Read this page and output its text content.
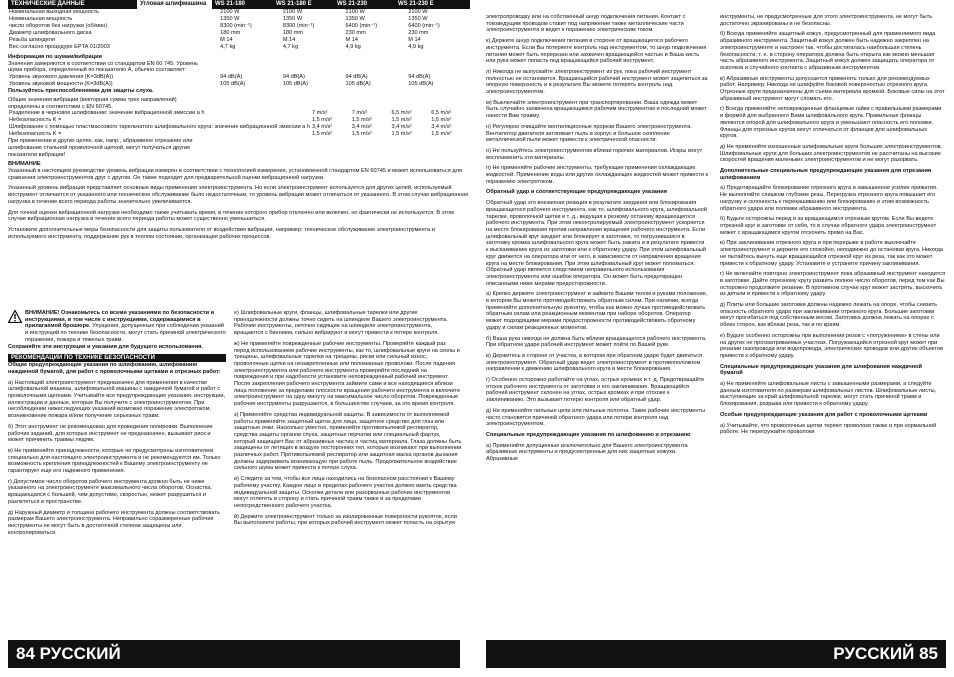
ТЕХНИЧЕСКИЕ ДАННЫЕ	Угловая шлифмашина	WS 21-180	WS 21-180 E	WS 21-230	WS 21-230 E
Номинальная выходная мощность	2100 W	2100 W	2100 W	2100 W
Номинальная мощность	1350 W	1350 W	1350 W	1350 W
число оборотов без нагрузки (об/мин)	8300 (min⁻¹)	8300 (min⁻¹)	6400 (min⁻¹)	6400 (min⁻¹)
Диаметр шлифовального диска	180 mm	180 mm	230 mm	230 mm
Резьба шпинделя	M 14	M 14	M 14	M 14
Вес согласно процедуре EPTA 01/2003	4,7 kg	4,7 kg	4,9 kg	4,9 kg
Информация по шумам/вибрации
Значения замеряются в соответствии со стандартом EN 60 745. Уровень шума прибора, определенный по показателю А, обычно составляет:
Уровень звукового давления (K=3dB(A))	94 dB(A)	94 dB(A)	94 dB(A)	94 dB(A)
Уровень звуковой мощности (K=3dB(A))	105 dB(A)	105 dB(A)	105 dB(A)	105 dB(A)
Пользуйтесь приспособлениями для защиты слуха.
Общие значения вибрации (векторная сумма трех направлений) определены в соответствии с EN 60745.
Разделение в черновое шлифование: значение вибрационной эмиссии a h	7 m/s²	7 m/s²	6,5 m/s²	6,5 m/s²
Небезопасность K =	1,5 m/s²	1,5 m/s²	1,5 m/s²	1,5 m/s²
Шлифование с помощью пластмассового тарельчатого шлифовального круга: значение вибрационной эмиссии a h	3,4 m/s²	3,4 m/s²	3,4 m/s²	3,4 m/s²
Небезопасность K =	1,5 m/s²	1,5 m/s²	1,5 m/s²	1,5 m/s²
При применении в других целях, как, напр., абразивное отрезание или шлифование стальной проволочной щеткой, могут получаться другие показатели вибрации!
ВНИМАНИЕ
Указанный в настоящем руководстве уровень вибрации измерен в соответствии с технологией измерения, установленной стандартом EN 60745 и может использоваться для сравнения электроинструментов друг с другом. Он также подходит для предварительной оценки вибрационной нагрузки.
Указанный уровень вибрации представляет основные виды применения электроинструмента. Но если электроинструмент используется для других целей, используемый инструмент отличается от указанного или техническое обслуживание было недостаточным, то уровень вибрации может отличаться от указанного. В этом случае вибрационная нагрузка в течение всего периода работы значительно увеличивается.
Для точной оценки вибрационной нагрузки необходимо также учитывать время, в течение которого прибор отключен или включен, но фактически не используется. В этом случае вибрационная нагрузка в течение всего периода работы может существенно уменьшиться.
Установите дополнительные меры безопасности для защиты пользователя от воздействия вибрации, например: техническое обслуживание электроинструмента и используемого инструмента, поддержание рук в теплом состоянии, организация рабочих процессов.
ВНИМАНИЕ! Ознакомьтесь со всеми указаниями по безопасности и инструкциями, в том числе с инструкциями, содержащимися в прилагаемой брошюре. Упущения, допущенные при соблюдении указаний и инструкций по технике безопасности, могут стать причиной электрического поражения, пожара и тяжелых травм.
Сохраняйте эти инструкции и указания для будущего использования.
РЕКОМЕНДАЦИИ ПО ТЕХНИКЕ БЕЗОПАСНОСТИ
Общие предупреждающие указания по шлифованию, шлифованию наждачной бумагой, для работ с проволочными щетками и отрезных работ:
a) Настоящий электроинструмент предназначен для применения в качестве шлифовальной машины, шлифовальной машины с наждачной бумагой и работ с проволочными щетками. Учитывайте все предупреждающие указания, инструкции, иллюстрации и данные, которые Вы получите с электроинструментом. При несоблюдении нижеследующих указаний возможно поражение электротоком, возникновение пожара и/или получение серьезных травм.
б) Этот инструмент не рекомендован для проведения полировки. Выполнение рабочих заданий, для которых инструмент не предназначен, вызывает риск и может причинить травмы людям.
в) Не применяйте принадлежности, которые не предусмотрены изготовителем специально для настоящего электроинструмента и не рекомендуются им. Только возможность крепления принадлежностей к Вашему электроинструменту не гарантирует еще его надежного применения.
г) Допустимое число оборотов рабочего инструмента должно быть не ниже указанного на электроинструменте максимального числа оборотов. Оснастка, вращающаяся с большей, чем допустимо, скоростью, может разрушиться и разлететься в пространстве.
д) Наружный диаметр и толщина рабочего инструмента должны соответствовать размерам Вашего электроинструмента. Неправильно соразмеренные рабочие инструменты не могут быть в достаточной степени защищены или контролироваться.
е) Шлифовальные круги, фланцы, шлифовальные тарелки или другие принадлежности должны точно сидеть на шпинделе Вашего электроинструмента. Рабочие инструменты, неточно сидящие на шпинделе электроинструмента, вращаются с биением, сильно вибрируют и могут привести к потере контроля.
ж) Не применяйте поврежденные рабочие инструменты. Проверяйте каждый раз перед использованием рабочие инструменты, как то, шлифовальные круги на сколы и трещины, шлифовальные тарелки на трещины, риски или сильный износ, проволочные щетки на незакрепленные или поломанные проволоки. После падения электроинструмента или рабочего инструмента проверяйте последний на повреждения и при надобности установите неповрежденный рабочий инструмент. После закрепления рабочего инструмента займите сами и все находящиеся вблизи лица положение за пределами плоскости вращения рабочего инструмента и включите электроинструмент на одну минуту на максимальное число оборотов. Поврежденные рабочие инструменты разрушаются, в большинстве случаев, за это время контроля.
з) Применяйте средства индивидуальной защиты. В зависимости от выполняемой работы применяйте защитный щиток для лица, защитное средство для глаз или защитные очки. Насколько уместно, применяйте противопылевой респиратор, средства защиты органов слуха, защитные перчатки или специальный фартук, который защищает Вас от абразивных частиц и частиц материала. Глаза должны быть защищены от летящих в воздухе посторонних тел, которые возникают при выполнении различных работ. Противопылевой респиратор или защитная маска органов дыхания должны задерживать возникающую при работе пыль. Продолжительное воздействие сильного шума может привести к потере слуха.
и) Следите за тем, чтобы все лица находились на безопасном расстоянии к Вашему рабочему участку. Каждое лицо в пределах рабочего участка должно иметь средства индивидуальной защиты. Осколки детали или разорванных рабочих инструментов могут отлететь в сторону и стать причиной травм также и за пределами непосредственного рабочего участка.
й) Держите электроинструмент только за изолированные поверхности рукояток, если Вы выполняете работы, при которых рабочий инструмент может попасть на скрытую
84 РУССКИЙ
электропроводку или на собственный шнур подключения питания. Контакт с токоведущим проводом ставит под напряжение также металлические части электроинструмента и ведет к поражению электрическим током.
к) Держите шнур подключения питания в стороне от вращающегося рабочего инструмента. Если Вы потеряете контроль над инструментом, то шнур подключения питания может быть перерезан или захвачен вращающейся частью и Ваша кисть или рука может попасть под вращающийся рабочий инструмент.
л) Никогда не выпускайте электроинструмент из рук, пока рабочий инструмент полностью не остановится. Вращающийся рабочий инструмент может зацепиться за опорную поверхность и в результате Вы можете потерять контроль над электроинструментом.
м) Выключайте электроинструмент при транспортировании. Ваша одежда может быть случайно захвачена вращающимся рабочим инструментом и последний может нанести Вам травму.
н) Регулярно очищайте вентиляционные прорези Вашего электроинструмента. Вентилятор двигателя затягивает пыль в корпус и большое скопление металлической пыли может привести к электрической опасности.
о) Не пользуйтесь электроинструментом вблизи горючих материалов. Искры могут воспламенить эти материалы.
п) Не применяйте рабочие инструменты, требующие применения охлаждающих жидкостей. Применение воды или других охлаждающих жидкостей может привести к поражению электротоком.
Обратный удар и соответствующие предупреждающие указания
Обратный удар это внезапная реакция в результате заедания или блокирования вращающегося рабочего инструмента, как то, шлифовального круга, шлифовальной тарелки, проволочной щетки и т. д., ведущая к резкому останову вращающегося рабочего инструмента. При этом неконтролируемый электроинструмент ускоряется на месте блокирования против направления вращения рабочего инструмента. Если шлифовальный круг заедает или блокирует в заготовке, то погрузившаяся в заготовку кромка шлифовального круга может быть зажата и в результате привести к выскакиванию круга из заготовки или к обратному удару. При этом шлифовальный круг движется на оператора или от него, в зависимости от направления вращения круга на месте блокирования. При этом шлифовальный круг может поломаться. Обратный удар является следствием неправильного использования электроинструмента или ошибок оператора. Он может быть предотвращен описанными ниже мерами предосторожности.
а) Крепко держите электроинструмент и займите Вашим телом и руками положение, в котором Вы можете противодействовать обратным силам. При наличии, всегда применяйте дополнительную рукоятку, чтобы как можно лучше противодействовать обратным силам или реакционным моментам при наборе оборотов. Оператор может подходящими мерами предосторожности противодействовать обратному удару и силам реакционных моментов.
б) Ваша рука никогда не должна быть вблизи вращающегося рабочего инструмента. При обратном ударе рабочий инструмент может пойти по Вашей руке.
в) Держитесь в стороне от участка, в котором при обратном ударе будет двигаться электроинструмент. Обратный удар ведет электроинструмент в противоположном направлении к движению шлифовального круга в месте блокирования.
г) Особенно осторожно работайте на углах, острых кромках и т. д. Предотвращайте отскок рабочего инструмента от заготовки и его заклинивание. Вращающийся рабочий инструмент склонен на углах, острых кромках и при отскоке к заклиниванию. Это вызывает потерю контроля или обратный удар.
д) Не применяйте пильные цепи или пильные полотна. Такие рабочие инструменты часто становятся причиной обратного удара или потери контроля над электроинструментом.
Специальные предупреждающие указания по шлифованию и отрезанию
а) Применяйте допущенные исключительно для Вашего электроинструмента абразивные инструменты и предусмотренные для них защитные кожухи. Абразивные
инструменты, не предусмотренные для этого электроинструмента, не могут быть достаточно экранированы и не безопасны.
б) Всегда применяйте защитный кожух, предусмотренный для применяемого вида абразивного инструмента. Защитный кожух должен быть надежно закреплен на электроинструменте и настроен так, чтобы достигалась наибольшая степень безопасности, т. е. в сторону оператора должна быть открыта как можно меньшая часть абразивного инструмента. Защитный кожух должен защищать оператора от осколков и случайного контакта с абразивным инструментом.
в) Абразивные инструменты допускается применять только для рекомендуемых работ. Например: Никогда не шлифуйте боковой поверхностью отрезного круга. Отрезные круги предназначены для съема материала кромкой. Боковые силы на этот абразивный инструмент могут сломать его.
г) Всегда применяйте неповрежденные фланцевые гайки с правильными размерами и формой для выбранного Вами шлифовального круга. Правильные фланцы являются опорой для шлифовального круга и уменьшают опасность его поломки. Фланцы для отрезных кругов могут отличаться от фланцев для шлифовальных кругов.
д) Не применяйте изношенные шлифовальные круги больших электроинструментов. Шлифовальные круги для больших электроинструментов не рассчитаны на высокие скоростей вращения маленьких электроинструментов и не могут разорвать.
Дополнительные специальные предупреждающие указания для отрезания шлифованием
а) Предотвращайте блокирование отрезного круга и завышенное усилие прижатия. Не выполняйте слишком глубокие резы. Перегрузка отрезного круга повышает его нагрузку и склонность к перекашиванию или блокированию и этим возможность обратного удара или поломки абразивного инструмента.
б) Будьте осторожны перед и за вращающимся отрезным кругом. Если Вы ведете отрезной круг в заготовке от себя, то в случае обратного удара электроинструмент может с вращающимся кругом отскочить прямо на Вас.
в) При заклинивании отрезного круга и при перерыве в работе выключайте электроинструмент и держите его спокойно, неподвижно до остановки круга. Никогда не пытайтесь вынуть еще вращающийся отрезной круг из реза, так как это может привести к обратному удару. Установите и устраните причину заклинивания.
г) Не включайте повторно электроинструмент пока абразивный инструмент находится в заготовке. Дайте отрезному кругу развить полное число оборотов, перед тем как Вы осторожно продолжите резание. В противном случае круг может застрять, выскочить из детали и привести к обратному удару.
д) Плиты или большие заготовки должны надежно лежать на опоре, чтобы снизить опасность обратного удара при заклинивании отрезного круга. Большие заготовки могут прогибаться под собственным весом. Заготовка должна лежать на опорах с обеих сторон, как вблизи реза, так и по краям.
е) Будьте особенно осторожны при выполнении резов с «погружением» в стены или на других не просматриваемых участках. Погружающийся отрезной круг может при резании газопровода или водопровода, электрических проводов или других объектов привести к обратному удару.
Специальные предупреждающие указания для шлифования наждачной бумагой
а) Не применяйте шлифовальные листы с завышенными размерами, а следуйте данным изготовителя по размерам шлифовальных листов. Шлифовальные листы, выступающие за край шлифовальной тарелки, могут стать причиной травм и блокирования, разрыва или привести к обратному удару.
Особые предупреждающие указания для работ с проволочными щетками
а) Учитывайте, что проволочные щетки теряют проволоки также и при нормальной работе. Не перегружайте проволоки
РУССКИЙ 85
